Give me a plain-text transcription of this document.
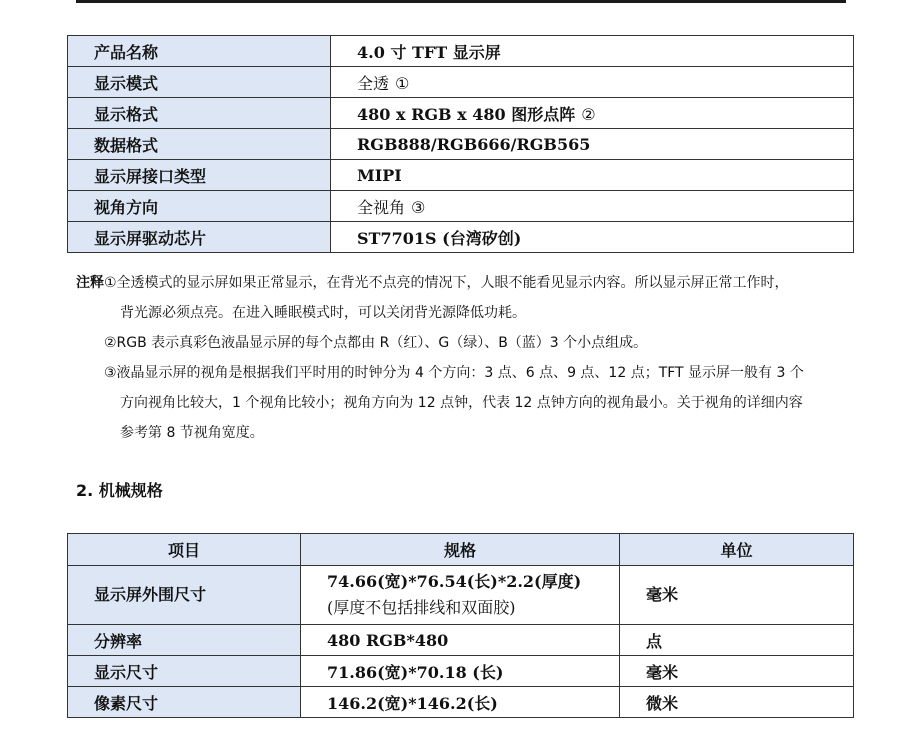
产品名称	4.0 寸 TFT 显示屏
显示模式	全透 ①
显示格式	480 x RGB x 480 图形点阵 ②
数据格式	RGB888/RGB666/RGB565
显示屏接口类型	MIPI
视角方向	全视角 ③
显示屏驱动芯片	ST7701S (台湾矽创)

注释①全透模式的显示屏如果正常显示，在背光不点亮的情况下，人眼不能看见显示内容。所以显示屏正常工作时，

背光源必须点亮。在进入睡眠模式时，可以关闭背光源降低功耗。

②RGB 表示真彩色液晶显示屏的每个点都由 R（红）、G（绿）、B（蓝）3 个小点组成。

③液晶显示屏的视角是根据我们平时用的时钟分为 4 个方向：3 点、6 点、9 点、12 点；TFT 显示屏一般有 3 个

方向视角比较大，1 个视角比较小；视角方向为 12 点钟，代表 12 点钟方向的视角最小。关于视角的详细内容

参考第 8 节视角宽度。

2. 机械规格
项目	规格	单位
显示屏外围尺寸	74.66(宽)*76.54(长)*2.2(厚度)
(厚度不包括排线和双面胶)	毫米
分辨率	480 RGB*480	点
显示尺寸	71.86(宽)*70.18 (长)	毫米
像素尺寸	146.2(宽)*146.2(长)	微米
